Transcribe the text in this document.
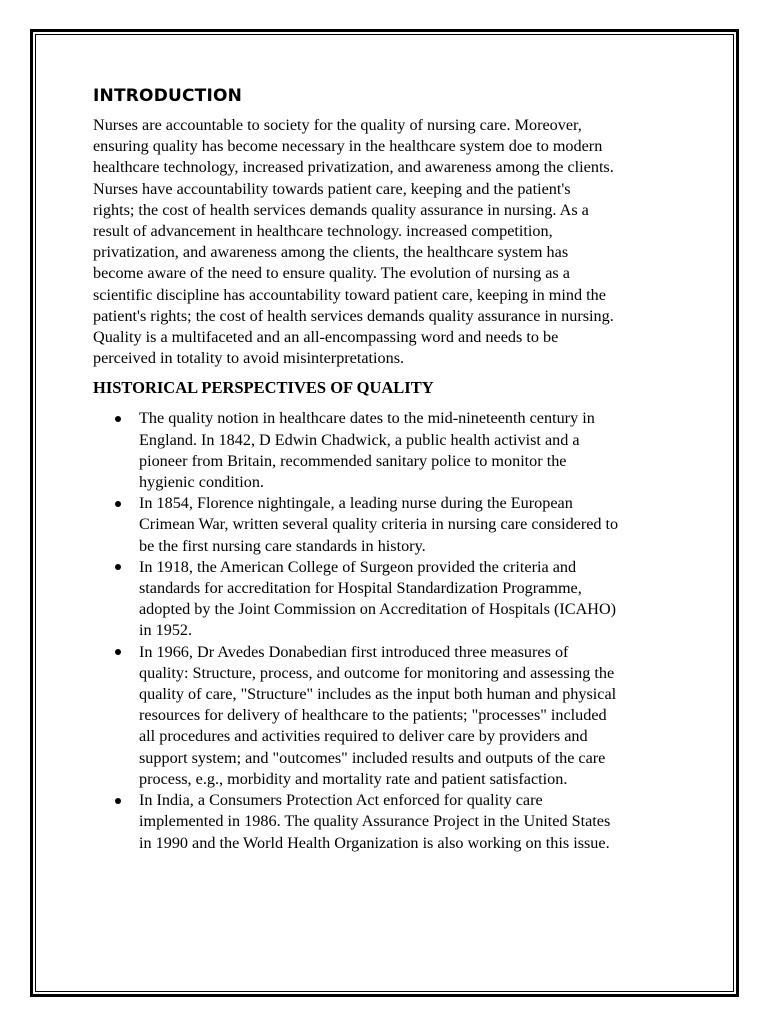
INTRODUCTION

Nurses are accountable to society for the quality of nursing care. Moreover,
ensuring quality has become necessary in the healthcare system doe to modern
healthcare technology, increased privatization, and awareness among the clients.
Nurses have accountability towards patient care, keeping and the patient's
rights; the cost of health services demands quality assurance in nursing. As a
result of advancement in healthcare technology. increased competition,
privatization, and awareness among the clients, the healthcare system has
become aware of the need to ensure quality. The evolution of nursing as a
scientific discipline has accountability toward patient care, keeping in mind the
patient's rights; the cost of health services demands quality assurance in nursing.
Quality is a multifaceted and an all-encompassing word and needs to be
perceived in totality to avoid misinterpretations.

HISTORICAL PERSPECTIVES OF QUALITY
The quality notion in healthcare dates to the mid-nineteenth century in
England. In 1842, D Edwin Chadwick, a public health activist and a
pioneer from Britain, recommended sanitary police to monitor the
hygienic condition.
In 1854, Florence nightingale, a leading nurse during the European
Crimean War, written several quality criteria in nursing care considered to
be the first nursing care standards in history.
In 1918, the American College of Surgeon provided the criteria and
standards for accreditation for Hospital Standardization Programme,
adopted by the Joint Commission on Accreditation of Hospitals (ICAHO)
in 1952.
In 1966, Dr Avedes Donabedian first introduced three measures of
quality: Structure, process, and outcome for monitoring and assessing the
quality of care, "Structure" includes as the input both human and physical
resources for delivery of healthcare to the patients; "processes" included
all procedures and activities required to deliver care by providers and
support system; and "outcomes" included results and outputs of the care
process, e.g., morbidity and mortality rate and patient satisfaction.
In India, a Consumers Protection Act enforced for quality care
implemented in 1986. The quality Assurance Project in the United States
in 1990 and the World Health Organization is also working on this issue.
